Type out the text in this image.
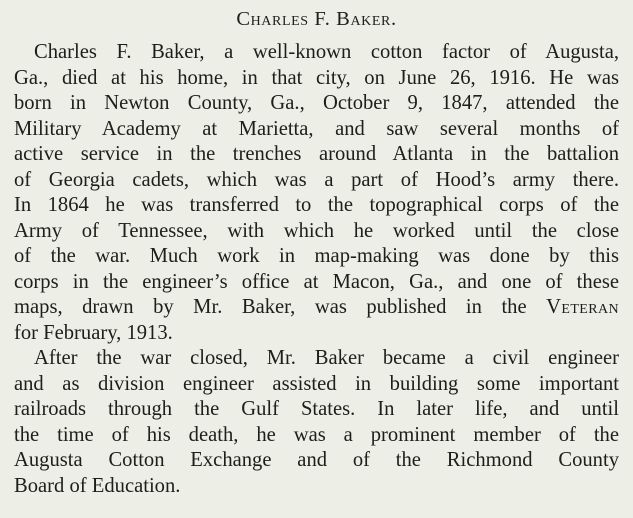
Charles F. Baker.

Charles F. Baker, a well-known cotton factor of Augusta,
Ga., died at his home, in that city, on June 26, 1916. He was
born in Newton County, Ga., October 9, 1847, attended the
Military Academy at Marietta, and saw several months of
active service in the trenches around Atlanta in the battalion
of Georgia cadets, which was a part of Hood’s army there.
In 1864 he was transferred to the topographical corps of the
Army of Tennessee, with which he worked until the close
of the war. Much work in map-making was done by this
corps in the engineer’s office at Macon, Ga., and one of these
maps, drawn by Mr. Baker, was published in the Veteran
for February, 1913.

After the war closed, Mr. Baker became a civil engineer
and as division engineer assisted in building some important
railroads through the Gulf States. In later life, and until
the time of his death, he was a prominent member of the
Augusta Cotton Exchange and of the Richmond County
Board of Education.
